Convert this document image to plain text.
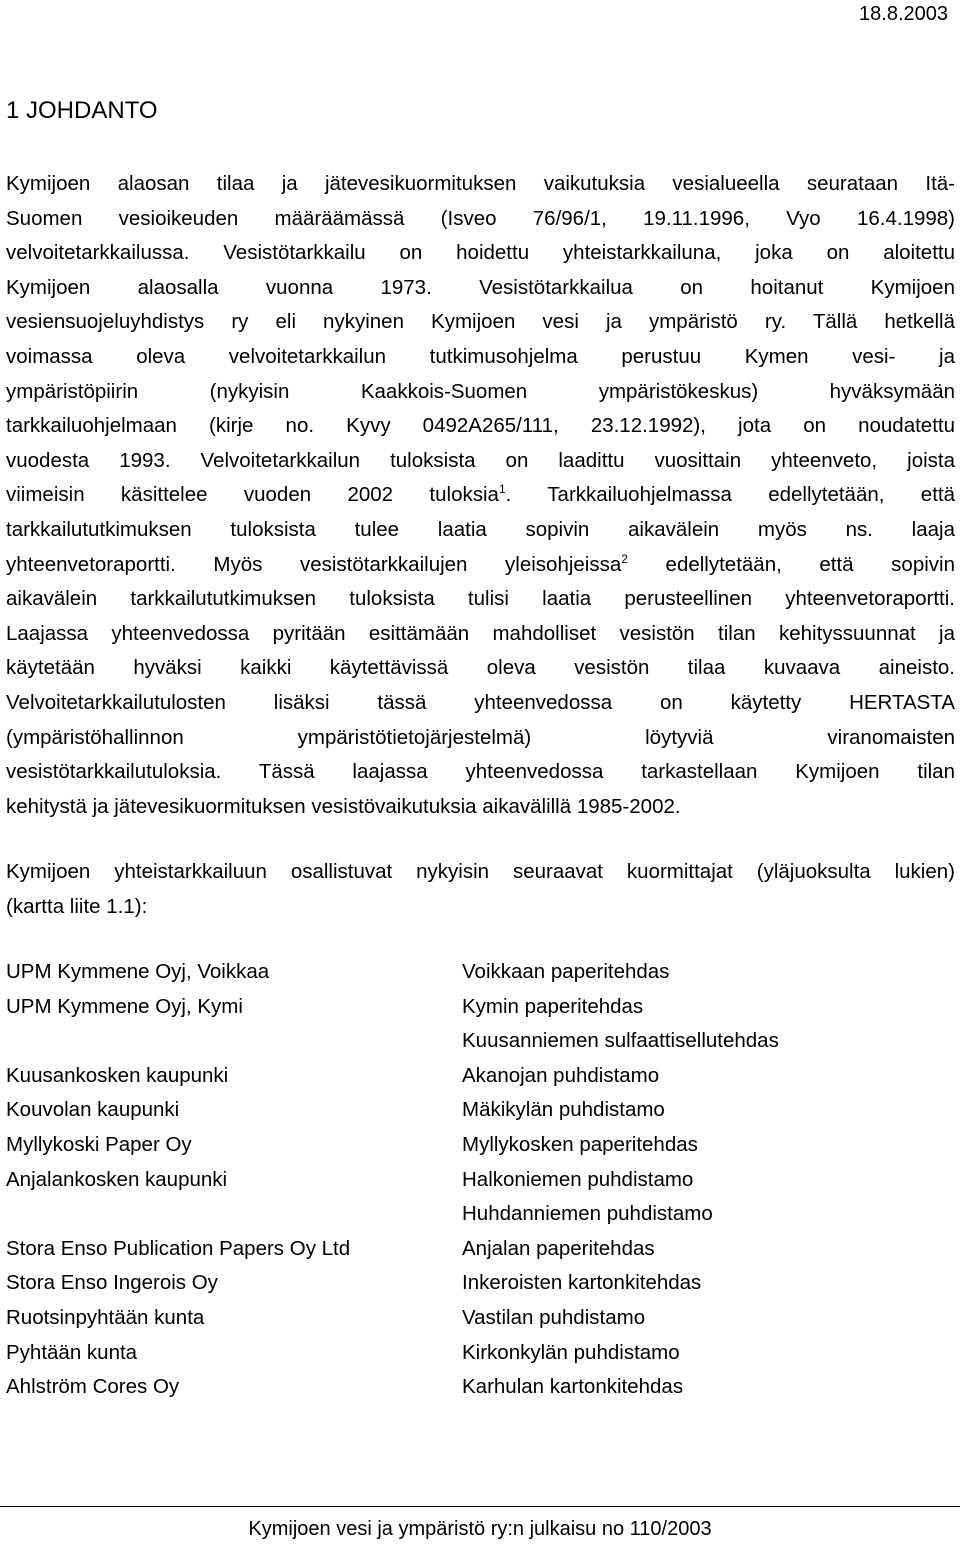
18.8.2003
1 JOHDANTO

Kymijoen alaosan tilaa ja jätevesikuormituksen vaikutuksia vesialueella seurataan Itä-
Suomen vesioikeuden määräämässä (Isveo 76/96/1, 19.11.1996, Vyo 16.4.1998)
velvoitetarkkailussa. Vesistötarkkailu on hoidettu yhteistarkkailuna, joka on aloitettu
Kymijoen alaosalla vuonna 1973. Vesistötarkkailua on hoitanut Kymijoen
vesiensuojeluyhdistys ry eli nykyinen Kymijoen vesi ja ympäristö ry. Tällä hetkellä
voimassa oleva velvoitetarkkailun tutkimusohjelma perustuu Kymen vesi- ja
ympäristöpiirin (nykyisin Kaakkois-Suomen ympäristökeskus) hyväksymään
tarkkailuohjelmaan (kirje no. Kyvy 0492A265/111, 23.12.1992), jota on noudatettu
vuodesta 1993. Velvoitetarkkailun tuloksista on laadittu vuosittain yhteenveto, joista
viimeisin käsittelee vuoden 2002 tuloksia$^1$. Tarkkailuohjelmassa edellytetään, että
tarkkailututkimuksen tuloksista tulee laatia sopivin aikavälein myös ns. laaja
yhteenvetoraportti. Myös vesistötarkkailujen yleisohjeissa$^2$ edellytetään, että sopivin
aikavälein tarkkailututkimuksen tuloksista tulisi laatia perusteellinen yhteenvetoraportti.
Laajassa yhteenvedossa pyritään esittämään mahdolliset vesistön tilan kehityssuunnat ja
käytetään hyväksi kaikki käytettävissä oleva vesistön tilaa kuvaava aineisto.
Velvoitetarkkailutulosten lisäksi tässä yhteenvedossa on käytetty HERTASTA
(ympäristöhallinnon ympäristötietojärjestelmä) löytyviä viranomaisten
vesistötarkkailutuloksia. Tässä laajassa yhteenvedossa tarkastellaan Kymijoen tilan
kehitystä ja jätevesikuormituksen vesistövaikutuksia aikavälillä 1985-2002.

Kymijoen yhteistarkkailuun osallistuvat nykyisin seuraavat kuormittajat (yläjuoksulta lukien)
(kartta liite 1.1):

UPM Kymmene Oyj, Voikkaa
UPM Kymmene Oyj, Kymi
Kuusankosken kaupunki
Kouvolan kaupunki
Myllykoski Paper Oy
Anjalankosken kaupunki
Stora Enso Publication Papers Oy Ltd
Stora Enso Ingerois Oy
Ruotsinpyhtään kunta
Pyhtään kunta
Ahlström Cores Oy
Voikkaan paperitehdas
Kymin paperitehdas
Kuusanniemen sulfaattisellutehdas
Akanojan puhdistamo
Mäkikylän puhdistamo
Myllykosken paperitehdas
Halkoniemen puhdistamo
Huhdanniemen puhdistamo
Anjalan paperitehdas
Inkeroisten kartonkitehdas
Vastilan puhdistamo
Kirkonkylän puhdistamo
Karhulan kartonkitehdas
Kymijoen vesi ja ympäristö ry:n julkaisu no 110/2003
